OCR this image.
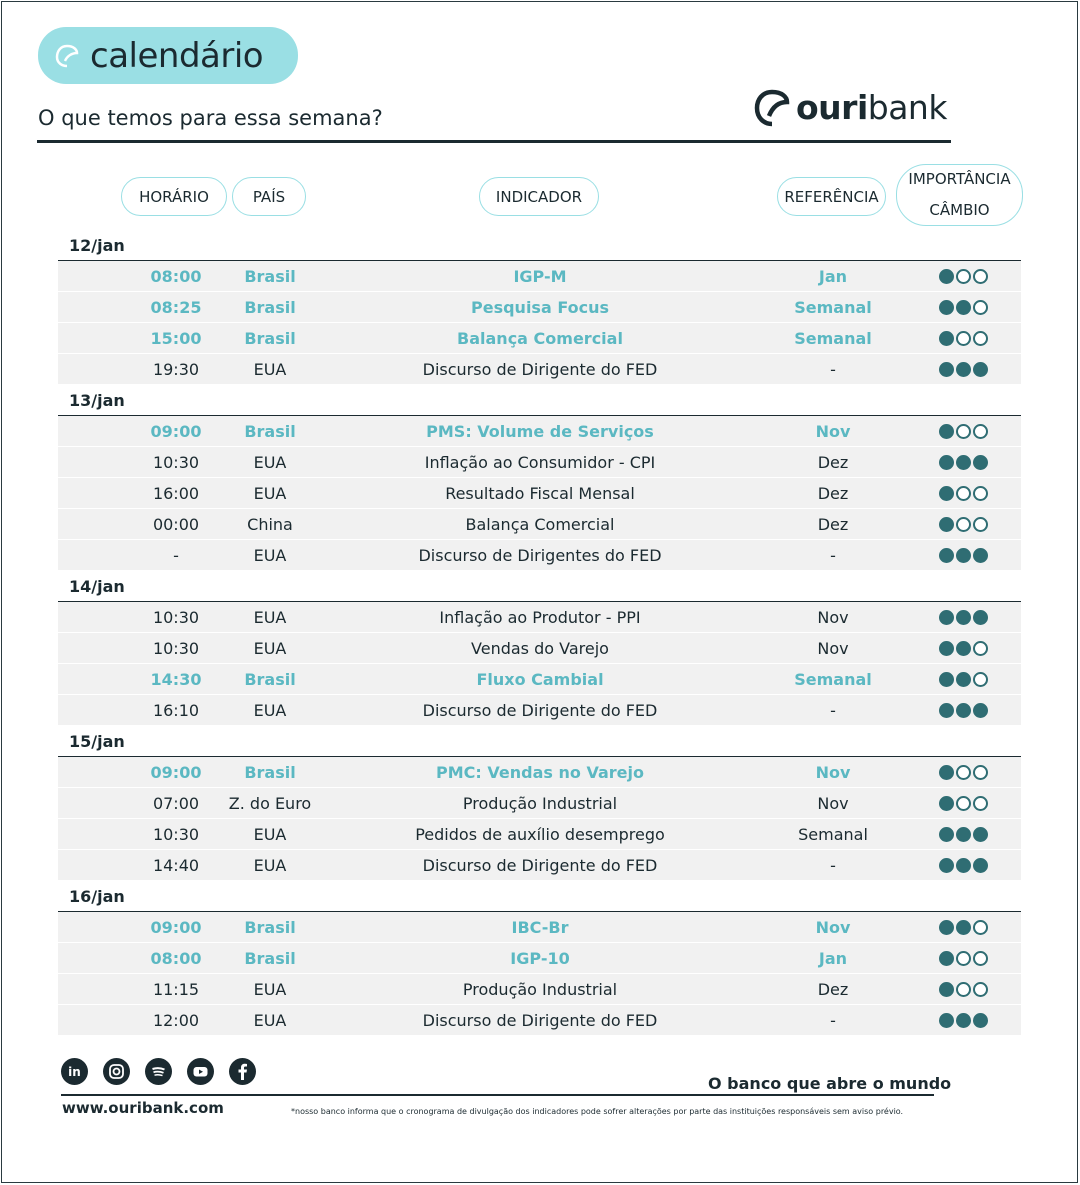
calendário
O que temos para essa semana?	ouribank
HORÁRIO	PAÍS	INDICADOR	REFERÊNCIA
IMPORTÂNCIA
CÂMBIO
12/jan
08:00	Brasil	IGP-M	Jan
08:25	Brasil	Pesquisa Focus	Semanal
15:00	Brasil	Balança Comercial	Semanal
19:30	EUA	Discurso de Dirigente do FED	-
13/jan
09:00	Brasil	PMS: Volume de Serviços	Nov
10:30	EUA	Inflação ao Consumidor - CPI	Dez
16:00	EUA	Resultado Fiscal Mensal	Dez
00:00	China	Balança Comercial	Dez
-	EUA	Discurso de Dirigentes do FED	-
14/jan
10:30	EUA	Inflação ao Produtor - PPI	Nov
10:30	EUA	Vendas do Varejo	Nov
14:30	Brasil	Fluxo Cambial	Semanal
16:10	EUA	Discurso de Dirigente do FED	-
15/jan
09:00	Brasil	PMC: Vendas no Varejo	Nov
07:00	Z. do Euro	Produção Industrial	Nov
10:30	EUA	Pedidos de auxílio desemprego	Semanal
14:40	EUA	Discurso de Dirigente do FED	-
16/jan
09:00	Brasil	IBC-Br	Nov
08:00	Brasil	IGP-10	Jan
11:15	EUA	Produção Industrial	Dez
12:00	EUA	Discurso de Dirigente do FED	-
in
O banco que abre o mundo
www.ouribank.com	*nosso banco informa que o cronograma de divulgação dos indicadores pode sofrer alterações por parte das instituições responsáveis sem aviso prévio.
